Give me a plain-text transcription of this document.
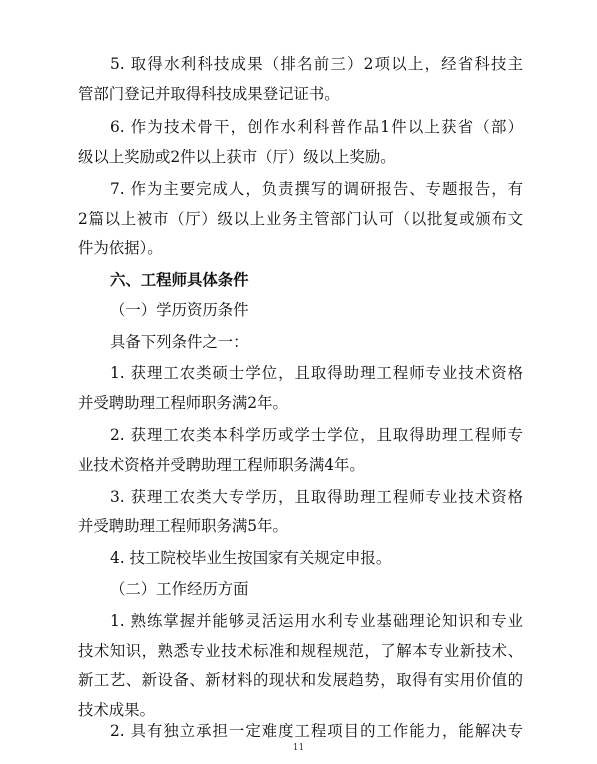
5. 取得水利科技成果（排名前三）2项以上，经省科技主
管部门登记并取得科技成果登记证书。
6. 作为技术骨干，创作水利科普作品1件以上获省（部）
级以上奖励或2件以上获市（厅）级以上奖励。
7. 作为主要完成人，负责撰写的调研报告、专题报告，有
2篇以上被市（厅）级以上业务主管部门认可（以批复或颁布文
件为依据）。
六、工程师具体条件
（一）学历资历条件
具备下列条件之一：
1. 获理工农类硕士学位，且取得助理工程师专业技术资格
并受聘助理工程师职务满2年。
2. 获理工农类本科学历或学士学位，且取得助理工程师专
业技术资格并受聘助理工程师职务满4年。
3. 获理工农类大专学历，且取得助理工程师专业技术资格
并受聘助理工程师职务满5年。
4. 技工院校毕业生按国家有关规定申报。
（二）工作经历方面
1. 熟练掌握并能够灵活运用水利专业基础理论知识和专业
技术知识，熟悉专业技术标准和规程规范，了解本专业新技术、
新工艺、新设备、新材料的现状和发展趋势，取得有实用价值的
技术成果。
2. 具有独立承担一定难度工程项目的工作能力，能解决专
11
